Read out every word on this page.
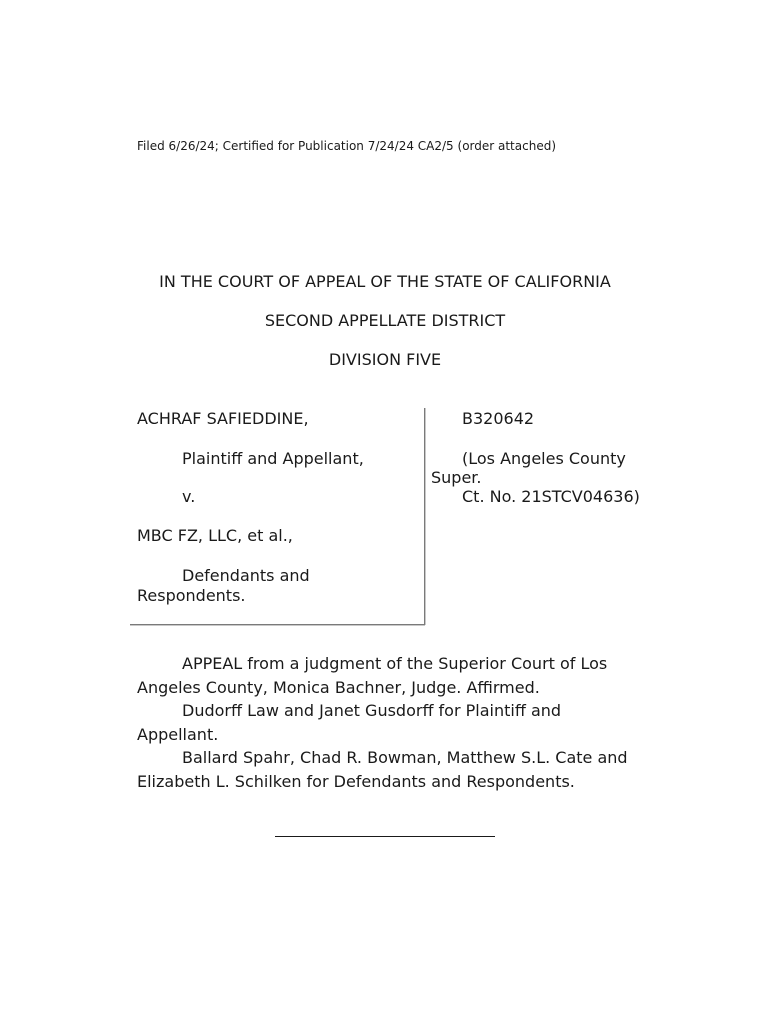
Filed 6/26/24; Certified for Publication 7/24/24 CA2/5 (order attached)
IN THE COURT OF APPEAL OF THE STATE OF CALIFORNIA
SECOND APPELLATE DISTRICT
DIVISION FIVE
ACHRAF SAFIEDDINE,
Plaintiff and Appellant,
v.
MBC FZ, LLC, et al.,
Defendants and
Respondents.
B320642
(Los Angeles County
Super.
Ct. No. 21STCV04636)
APPEAL from a judgment of the Superior Court of Los Angeles County, Monica Bachner, Judge. Affirmed.
Dudorff Law and Janet Gusdorff for Plaintiff and Appellant.
Ballard Spahr, Chad R. Bowman, Matthew S.L. Cate and Elizabeth L. Schilken for Defendants and Respondents.
